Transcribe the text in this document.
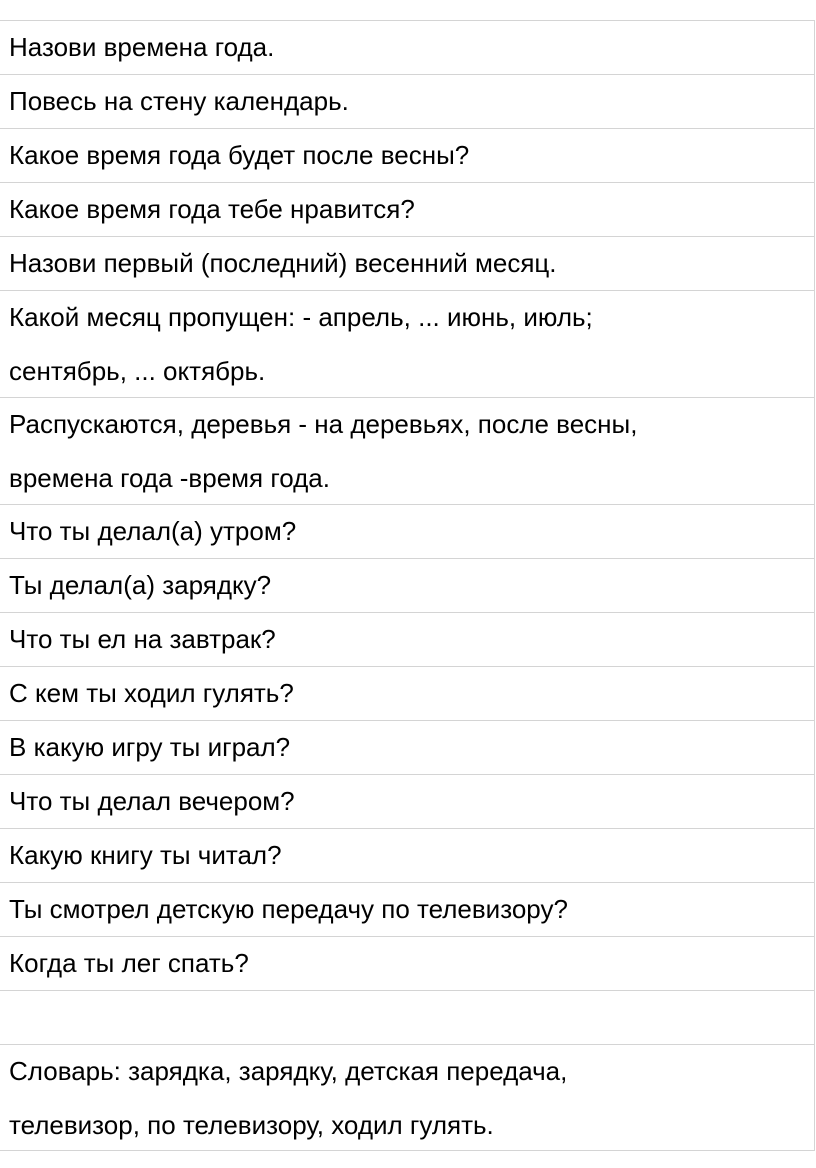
Назови времена года.
Повесь на стену календарь.
Какое время года будет после весны?
Какое время года тебе нравится?
Назови первый (последний) весенний месяц.
Какой месяц пропущен: - апрель, ... июнь, июль;
сентябрь, ... октябрь.
Распускаются, деревья - на деревьях, после весны,
времена года -время года.
Что ты делал(а) утром?
Ты делал(а) зарядку?
Что ты ел на завтрак?
С кем ты ходил гулять?
В какую игру ты играл?
Что ты делал вечером?
Какую книгу ты читал?
Ты смотрел детскую передачу по телевизору?
Когда ты лег спать?
Словарь: зарядка, зарядку, детская передача,
телевизор, по телевизору, ходил гулять.
